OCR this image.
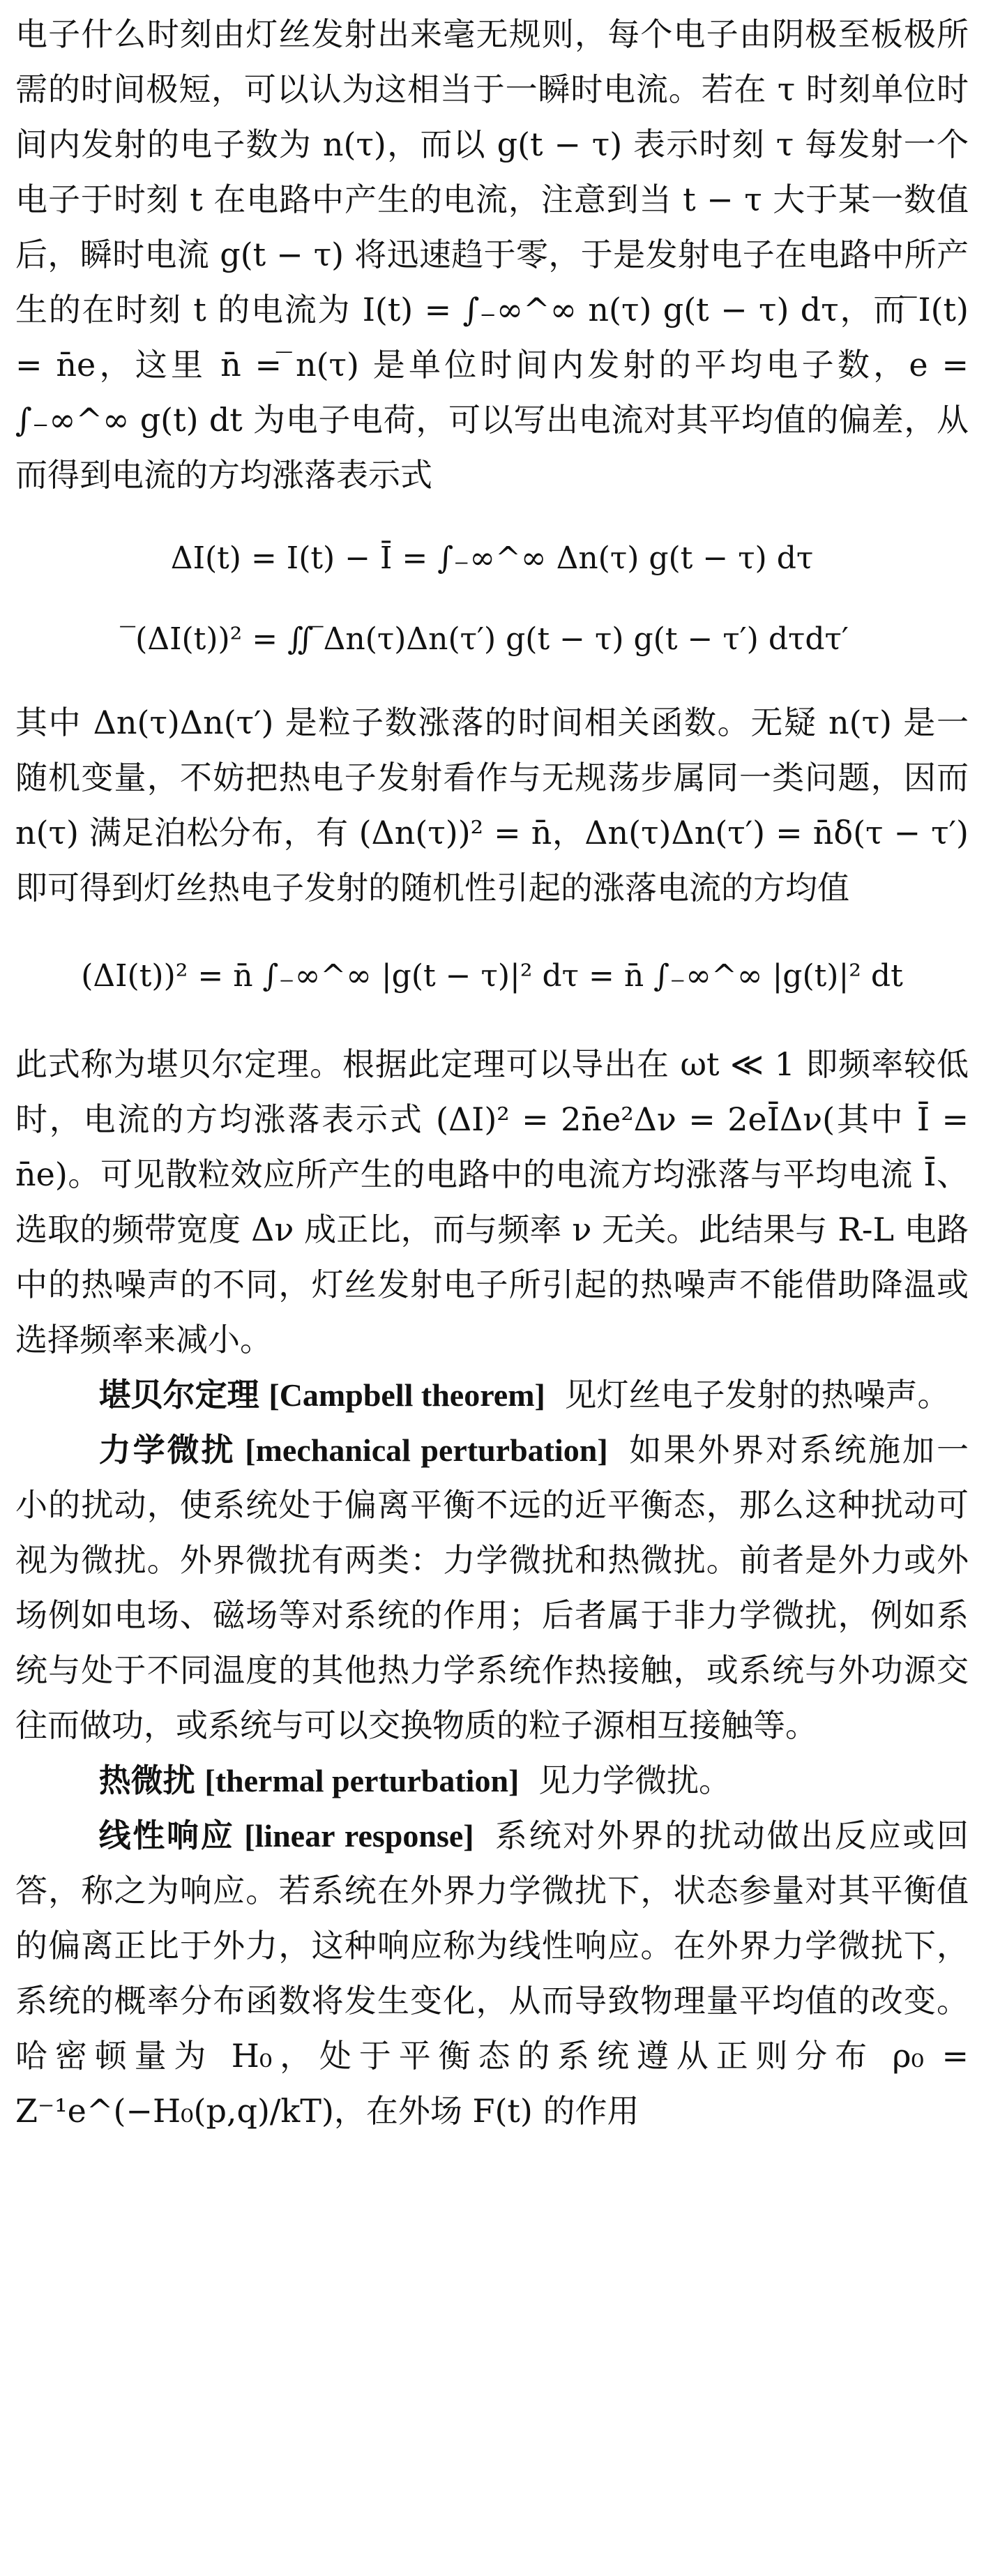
电子什么时刻由灯丝发射出来毫无规则，每个电子由阴极至板极所需的时间极短，可以认为这相当于一瞬时电流。若在 τ 时刻单位时间内发射的电子数为 n(τ)，而以 g(t − τ) 表示时刻 τ 每发射一个电子于时刻 t 在电路中产生的电流，注意到当 t − τ 大于某一数值后，瞬时电流 g(t − τ) 将迅速趋于零，于是发射电子在电路中所产生的在时刻 t 的电流为 I(t) = ∫₋∞^∞ n(τ) g(t − τ) dτ，而 ̅I(t) = n̄e，这里 n̄ = ̅n(τ) 是单位时间内发射的平均电子数，e = ∫₋∞^∞ g(t) dt 为电子电荷，可以写出电流对其平均值的偏差，从而得到电流的方均涨落表示式

ΔI(t) = I(t) − Ī = ∫₋∞^∞ Δn(τ) g(t − τ) dτ

̅(ΔI(t))² = ∬ ̅Δn(τ)Δn(τ′) g(t − τ) g(t − τ′) dτdτ′

其中 Δn(τ)Δn(τ′) 是粒子数涨落的时间相关函数。无疑 n(τ) 是一随机变量，不妨把热电子发射看作与无规荡步属同一类问题，因而 n(τ) 满足泊松分布，有 (Δn(τ))² = n̄，Δn(τ)Δn(τ′) = n̄δ(τ − τ′) 即可得到灯丝热电子发射的随机性引起的涨落电流的方均值

(ΔI(t))² = n̄ ∫₋∞^∞ |g(t − τ)|² dτ = n̄ ∫₋∞^∞ |g(t)|² dt

此式称为堪贝尔定理。根据此定理可以导出在 ωt ≪ 1 即频率较低时，电流的方均涨落表示式 (ΔI)² = 2n̄e²Δν = 2eĪΔν(其中 Ī = n̄e)。可见散粒效应所产生的电路中的电流方均涨落与平均电流 Ī、选取的频带宽度 Δν 成正比，而与频率 ν 无关。此结果与 R-L 电路中的热噪声的不同，灯丝发射电子所引起的热噪声不能借助降温或选择频率来减小。

堪贝尔定理 [Campbell theorem] 见灯丝电子发射的热噪声。

力学微扰 [mechanical perturbation] 如果外界对系统施加一小的扰动，使系统处于偏离平衡不远的近平衡态，那么这种扰动可视为微扰。外界微扰有两类：力学微扰和热微扰。前者是外力或外场例如电场、磁场等对系统的作用；后者属于非力学微扰，例如系统与处于不同温度的其他热力学系统作热接触，或系统与外功源交往而做功，或系统与可以交换物质的粒子源相互接触等。

热微扰 [thermal perturbation] 见力学微扰。

线性响应 [linear response] 系统对外界的扰动做出反应或回答，称之为响应。若系统在外界力学微扰下，状态参量对其平衡值的偏离正比于外力，这种响应称为线性响应。在外界力学微扰下，系统的概率分布函数将发生变化，从而导致物理量平均值的改变。哈密顿量为 H₀，处于平衡态的系统遵从正则分布 ρ₀ = Z⁻¹e^(−H₀(p,q)/kT)，在外场 F(t) 的作用
